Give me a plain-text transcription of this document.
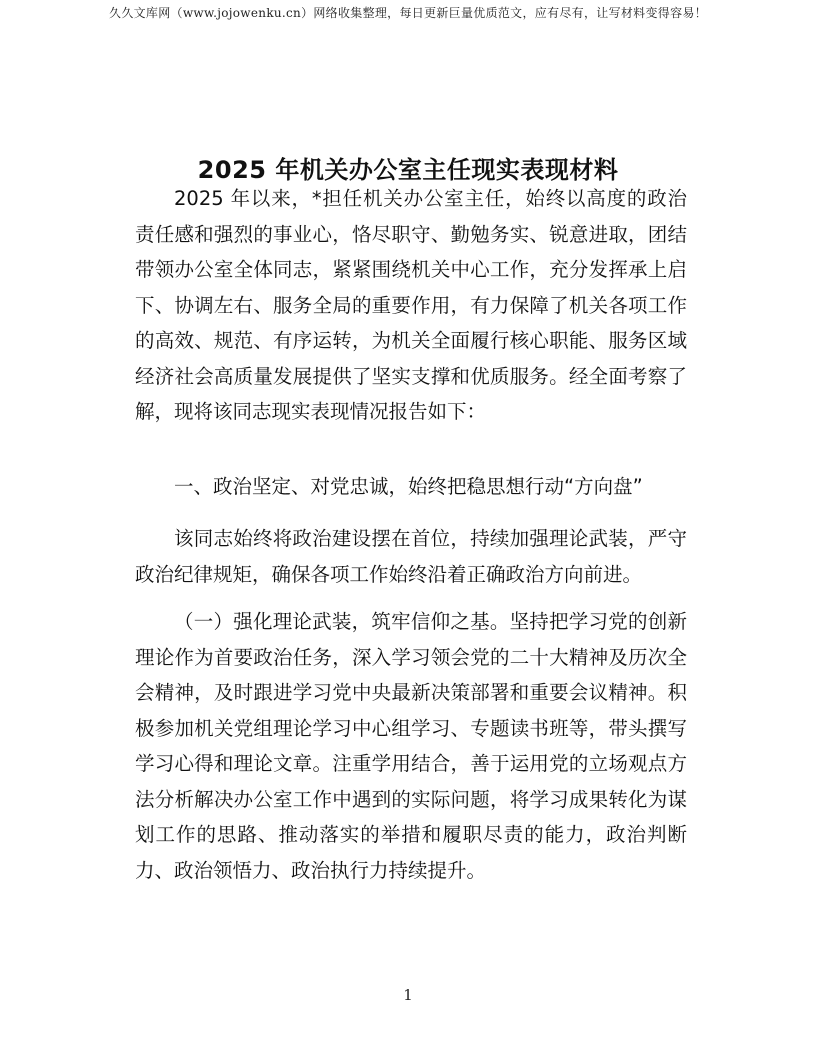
久久文库网（www.jojowenku.cn）网络收集整理，每日更新巨量优质范文，应有尽有，让写材料变得容易！
2025 年机关办公室主任现实表现材料

2025 年以来，*担任机关办公室主任，始终以高度的政治责任感和强烈的事业心，恪尽职守、勤勉务实、锐意进取，团结带领办公室全体同志，紧紧围绕机关中心工作，充分发挥承上启下、协调左右、服务全局的重要作用，有力保障了机关各项工作的高效、规范、有序运转，为机关全面履行核心职能、服务区域经济社会高质量发展提供了坚实支撑和优质服务。经全面考察了解，现将该同志现实表现情况报告如下：

一、政治坚定、对党忠诚，始终把稳思想行动“方向盘”

该同志始终将政治建设摆在首位，持续加强理论武装，严守政治纪律规矩，确保各项工作始终沿着正确政治方向前进。

（一）强化理论武装，筑牢信仰之基。坚持把学习党的创新理论作为首要政治任务，深入学习领会党的二十大精神及历次全会精神，及时跟进学习党中央最新决策部署和重要会议精神。积极参加机关党组理论学习中心组学习、专题读书班等，带头撰写学习心得和理论文章。注重学用结合，善于运用党的立场观点方法分析解决办公室工作中遇到的实际问题，将学习成果转化为谋划工作的思路、推动落实的举措和履职尽责的能力，政治判断力、政治领悟力、政治执行力持续提升。

1
